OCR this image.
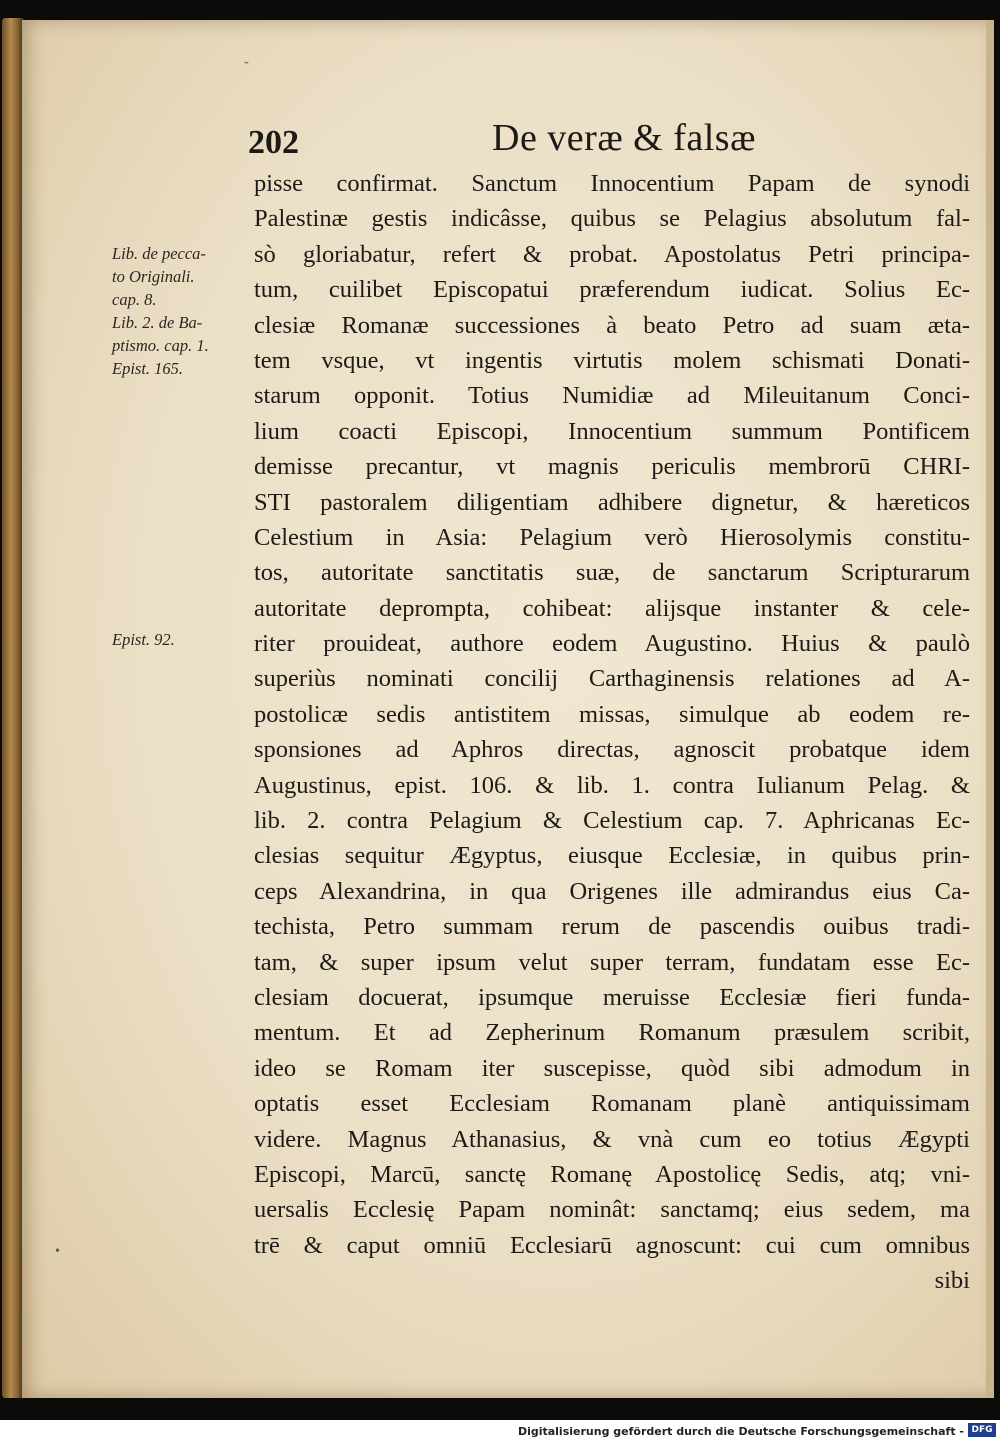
ˇ
•
202	De veræ & falsæ
Lib. de pecca-
to Originali.
cap. 8.
Lib. 2. de Ba-
ptismo. cap. 1.
Epist. 165.
Epist. 92.
pisse confirmat. Sanctum Innocentium Papam de synodi
Palestinæ gestis indicâsse, quibus se Pelagius absolutum fal-
sò gloriabatur, refert & probat. Apostolatus Petri principa-
tum, cuilibet Episcopatui præferendum iudicat. Solius Ec-
clesiæ Romanæ successiones à beato Petro ad suam æta-
tem vsque, vt ingentis virtutis molem schismati Donati-
starum opponit. Totius Numidiæ ad Mileuitanum Conci-
lium coacti Episcopi, Innocentium summum Pontificem
demisse precantur, vt magnis periculis membrorū CHRI-
STI pastoralem diligentiam adhibere dignetur, & hæreticos
Celestium in Asia: Pelagium verò Hierosolymis constitu-
tos, autoritate sanctitatis suæ, de sanctarum Scripturarum
autoritate deprompta, cohibeat: alijsque instanter & cele-
riter prouideat, authore eodem Augustino. Huius & paulò
superiùs nominati concilij Carthaginensis relationes ad A-
postolicæ sedis antistitem missas, simulque ab eodem re-
sponsiones ad Aphros directas, agnoscit probatque idem
Augustinus, epist. 106. & lib. 1. contra Iulianum Pelag. &
lib. 2. contra Pelagium & Celestium cap. 7. Aphricanas Ec-
clesias sequitur Ægyptus, eiusque Ecclesiæ, in quibus prin-
ceps Alexandrina, in qua Origenes ille admirandus eius Ca-
techista, Petro summam rerum de pascendis ouibus tradi-
tam, & super ipsum velut super terram, fundatam esse Ec-
clesiam docuerat, ipsumque meruisse Ecclesiæ fieri funda-
mentum. Et ad Zepherinum Romanum præsulem scribit,
ideo se Romam iter suscepisse, quòd sibi admodum in
optatis esset Ecclesiam Romanam planè antiquissimam
videre. Magnus Athanasius, & vnà cum eo totius Ægypti
Episcopi, Marcū, sanctę Romanę Apostolicę Sedis, atq; vni-
uersalis Ecclesię Papam nominât: sanctamq; eius sedem, ma
trē & caput omniū Ecclesiarū agnoscunt: cui cum omnibus
sibi
Digitalisierung gefördert durch die Deutsche Forschungsgemeinschaft - DFG
